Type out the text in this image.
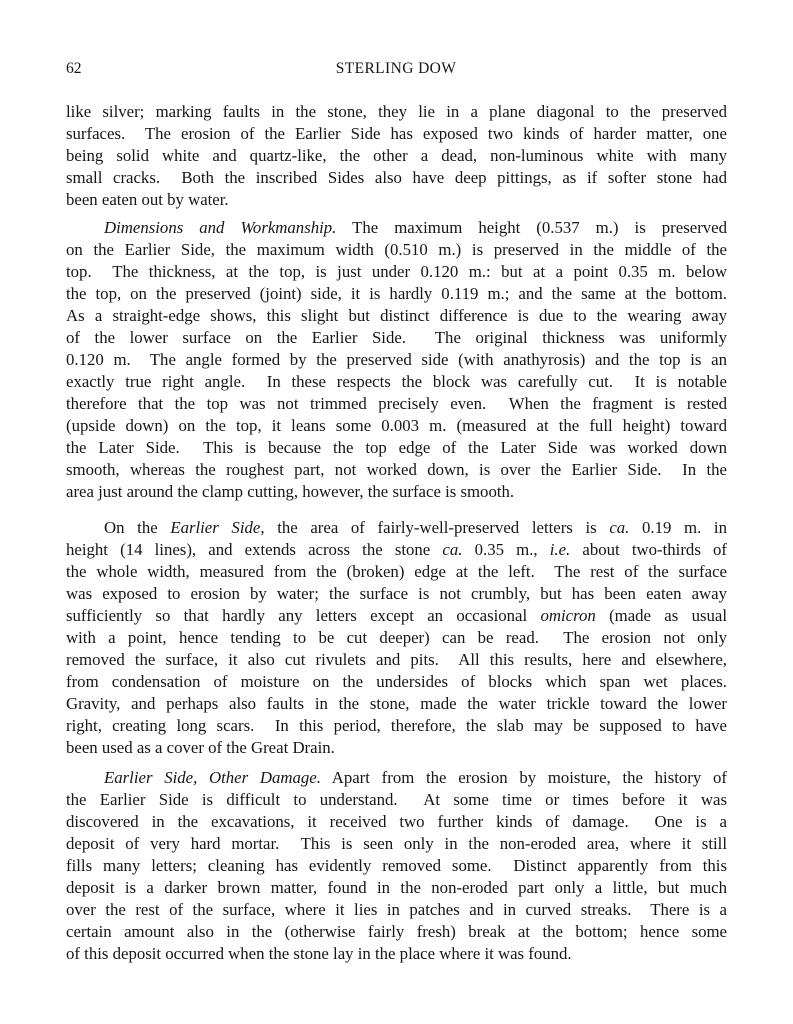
62	STERLING DOW
like silver; marking faults in the stone, they lie in a plane diagonal to the preserved
surfaces.  The erosion of the Earlier Side has exposed two kinds of harder matter, one
being solid white and quartz-like, the other a dead, non-luminous white with many
small cracks.  Both the inscribed Sides also have deep pittings, as if softer stone had
been eaten out by water.
Dimensions and Workmanship. The maximum height (0.537 m.) is preserved
on the Earlier Side, the maximum width (0.510 m.) is preserved in the middle of the
top.  The thickness, at the top, is just under 0.120 m.: but at a point 0.35 m. below
the top, on the preserved (joint) side, it is hardly 0.119 m.; and the same at the bottom.
As a straight-edge shows, this slight but distinct difference is due to the wearing away
of the lower surface on the Earlier Side.  The original thickness was uniformly
0.120 m.  The angle formed by the preserved side (with anathyrosis) and the top is an
exactly true right angle.  In these respects the block was carefully cut.  It is notable
therefore that the top was not trimmed precisely even.  When the fragment is rested
(upside down) on the top, it leans some 0.003 m. (measured at the full height) toward
the Later Side.  This is because the top edge of the Later Side was worked down
smooth, whereas the roughest part, not worked down, is over the Earlier Side.  In the
area just around the clamp cutting, however, the surface is smooth.
On the Earlier Side, the area of fairly-well-preserved letters is ca. 0.19 m. in
height (14 lines), and extends across the stone ca. 0.35 m., i.e. about two-thirds of
the whole width, measured from the (broken) edge at the left.  The rest of the surface
was exposed to erosion by water; the surface is not crumbly, but has been eaten away
sufficiently so that hardly any letters except an occasional omicron (made as usual
with a point, hence tending to be cut deeper) can be read.  The erosion not only
removed the surface, it also cut rivulets and pits.  All this results, here and elsewhere,
from condensation of moisture on the undersides of blocks which span wet places.
Gravity, and perhaps also faults in the stone, made the water trickle toward the lower
right, creating long scars.  In this period, therefore, the slab may be supposed to have
been used as a cover of the Great Drain.
Earlier Side, Other Damage. Apart from the erosion by moisture, the history of
the Earlier Side is difficult to understand.  At some time or times before it was
discovered in the excavations, it received two further kinds of damage.  One is a
deposit of very hard mortar.  This is seen only in the non-eroded area, where it still
fills many letters; cleaning has evidently removed some.  Distinct apparently from this
deposit is a darker brown matter, found in the non-eroded part only a little, but much
over the rest of the surface, where it lies in patches and in curved streaks.  There is a
certain amount also in the (otherwise fairly fresh) break at the bottom; hence some
of this deposit occurred when the stone lay in the place where it was found.
